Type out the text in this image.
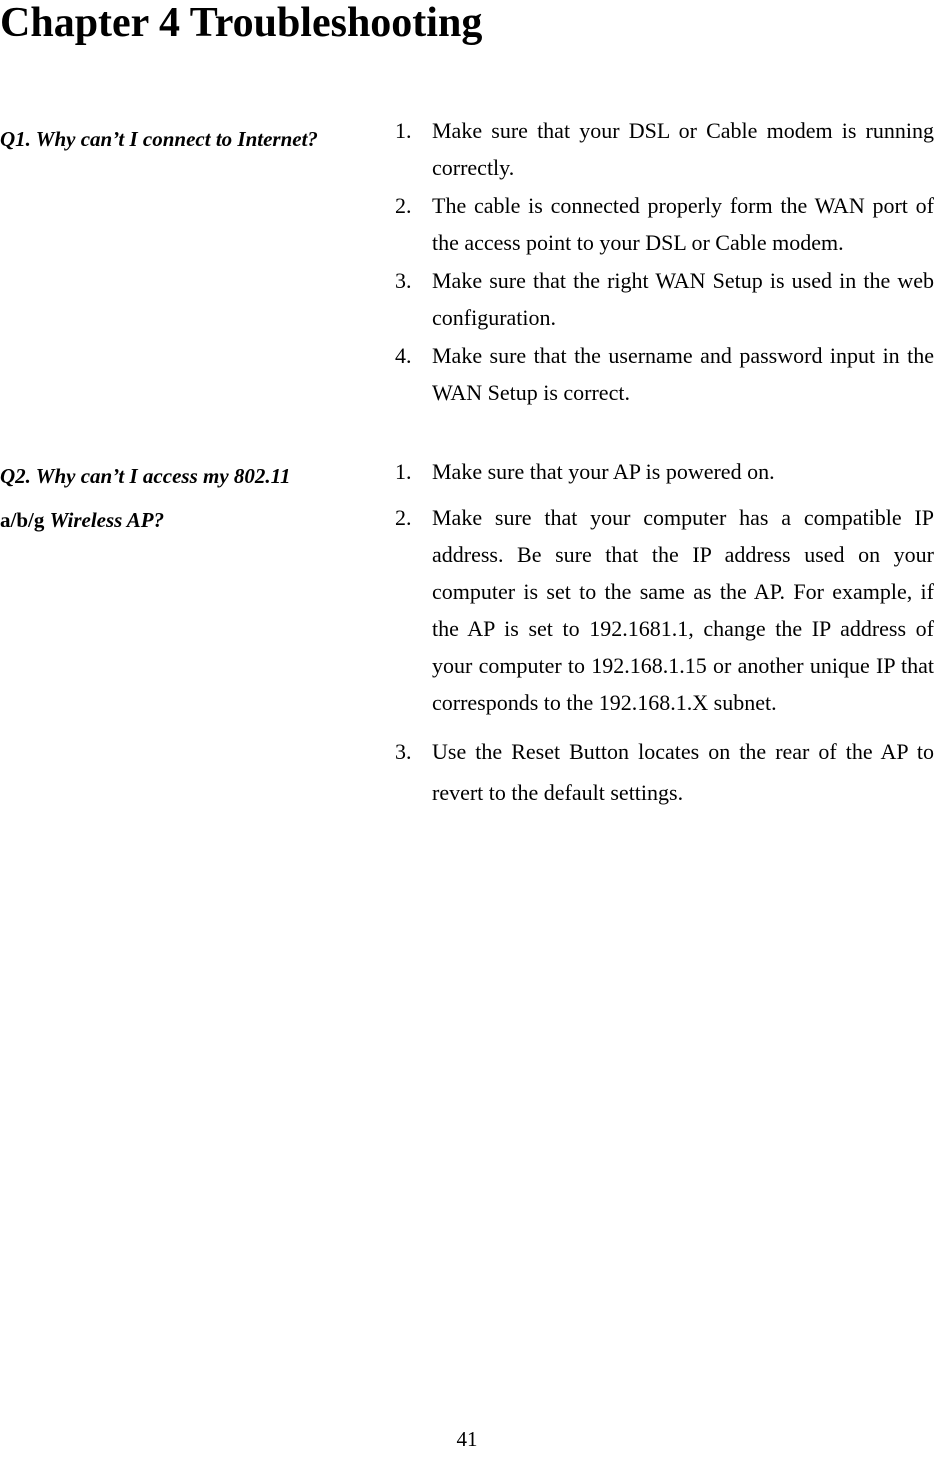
Chapter 4 Troubleshooting
Q1. Why can’t I connect to Internet?	1. Make sure that your DSL or Cable modem is running correctly.
2. The cable is connected properly form the WAN port of the access point to your DSL or Cable modem.
3. Make sure that the right WAN Setup is used in the web configuration.
4. Make sure that the username and password input in the WAN Setup is correct.
Q2. Why can’t I access my 802.11
a/b/g Wireless AP?
1. Make sure that your AP is powered on.
2. Make sure that your computer has a compatible IP address. Be sure that the IP address used on your computer is set to the same as the AP. For example, if the AP is set to 192.1681.1, change the IP address of your computer to 192.168.1.15 or another unique IP that corresponds to the 192.168.1.X subnet.
3. Use the Reset Button locates on the rear of the AP to revert to the default settings.
41
